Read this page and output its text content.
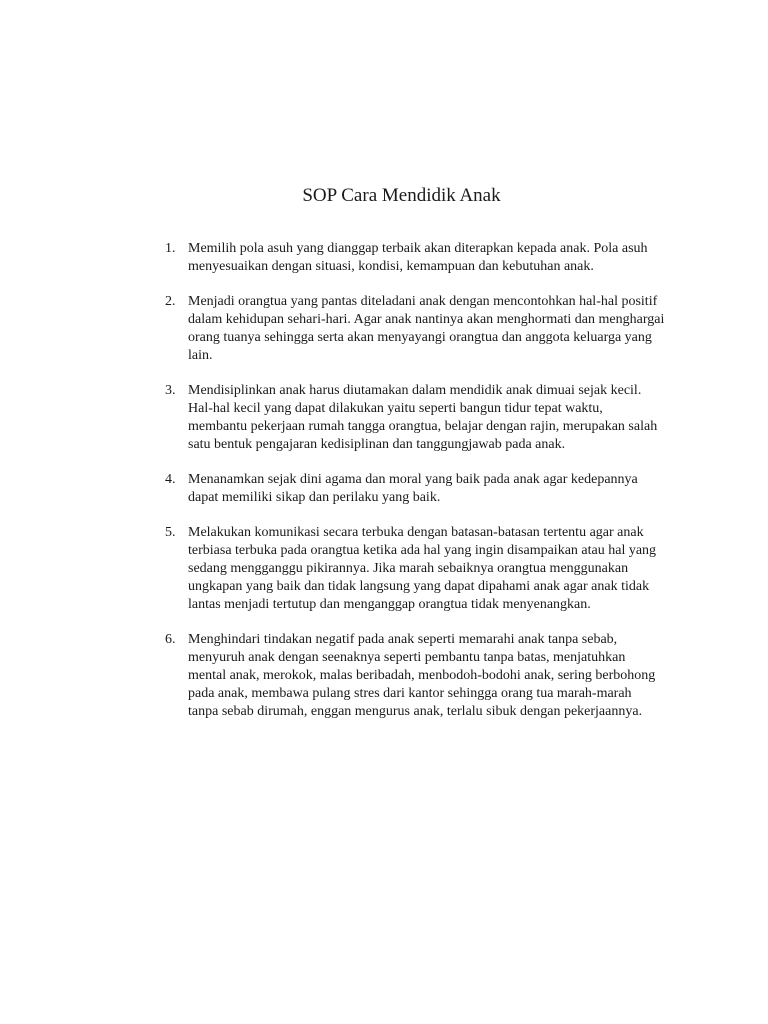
SOP Cara Mendidik Anak
1. Memilih pola asuh yang dianggap terbaik akan diterapkan kepada anak. Pola asuh menyesuaikan dengan situasi, kondisi, kemampuan dan kebutuhan anak.
2. Menjadi orangtua yang pantas diteladani anak dengan mencontohkan hal-hal positif dalam kehidupan sehari-hari. Agar anak nantinya akan menghormati dan menghargai orang tuanya sehingga serta akan menyayangi orangtua dan anggota keluarga yang lain.
3. Mendisiplinkan anak harus diutamakan dalam mendidik anak dimuai sejak kecil. Hal-hal kecil yang dapat dilakukan yaitu seperti bangun tidur tepat waktu, membantu pekerjaan rumah tangga orangtua, belajar dengan rajin, merupakan salah satu bentuk pengajaran kedisiplinan dan tanggungjawab pada anak.
4. Menanamkan sejak dini agama dan moral yang baik pada anak agar kedepannya dapat memiliki sikap dan perilaku yang baik.
5. Melakukan komunikasi secara terbuka dengan batasan-batasan tertentu agar anak terbiasa terbuka pada orangtua ketika ada hal yang ingin disampaikan atau hal yang sedang mengganggu pikirannya. Jika marah sebaiknya orangtua menggunakan ungkapan yang baik dan tidak langsung yang dapat dipahami anak agar anak tidak lantas menjadi tertutup dan menganggap orangtua tidak menyenangkan.
6. Menghindari tindakan negatif pada anak seperti memarahi anak tanpa sebab, menyuruh anak dengan seenaknya seperti pembantu tanpa batas, menjatuhkan mental anak, merokok, malas beribadah, menbodoh-bodohi anak, sering berbohong pada anak, membawa pulang stres dari kantor sehingga orang tua marah-marah tanpa sebab dirumah, enggan mengurus anak, terlalu sibuk dengan pekerjaannya.
